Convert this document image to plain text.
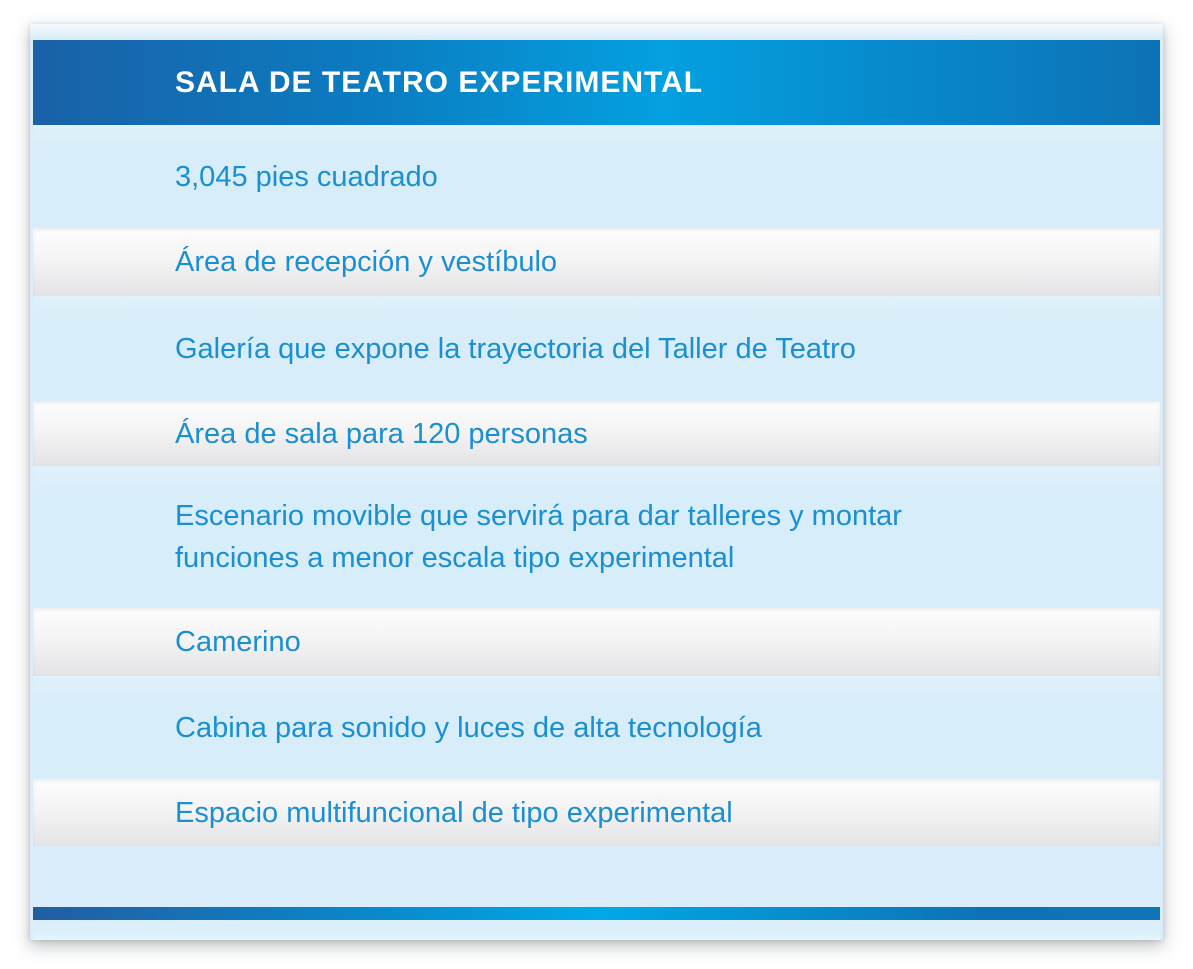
SALA DE TEATRO EXPERIMENTAL
3,045 pies cuadrado
Área de recepción y vestíbulo
Galería que expone la trayectoria del Taller de Teatro
Área de sala para 120 personas
Escenario movible que servirá para dar talleres y montar
funciones a menor escala tipo experimental
Camerino
Cabina para sonido y luces de alta tecnología
Espacio multifuncional de tipo experimental
